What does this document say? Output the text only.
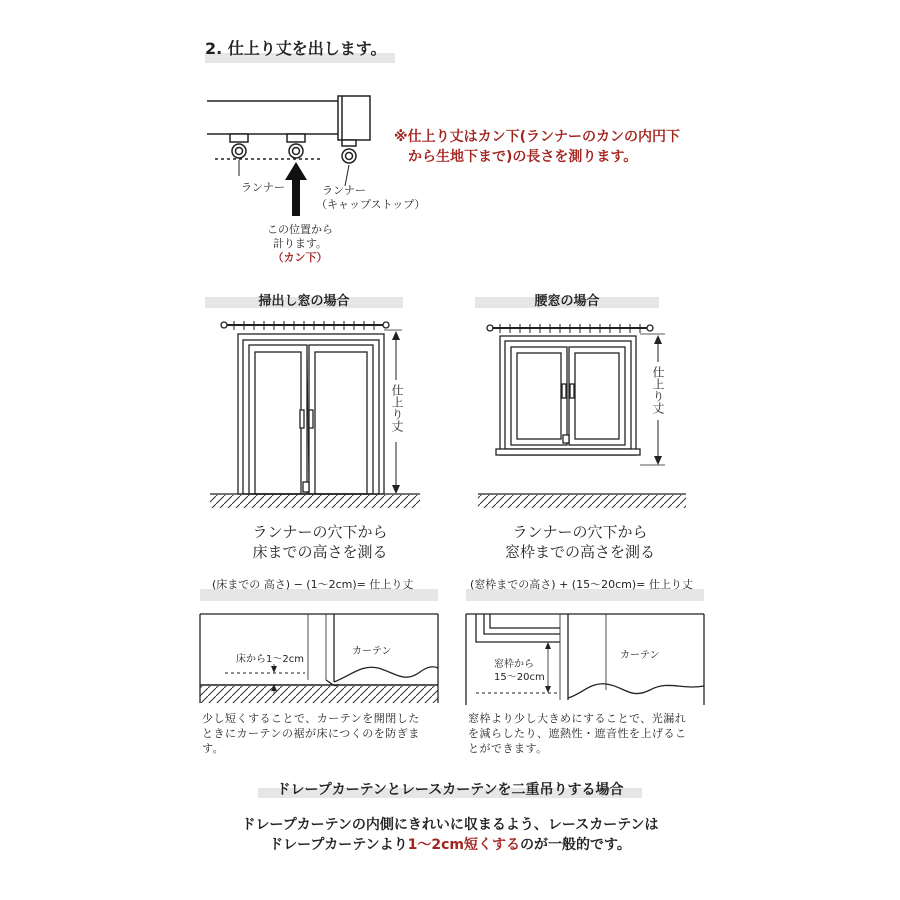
2. 仕上り丈を出します。
※仕上り丈はカン下(ランナーのカンの内円下
から生地下まで)の長さを測ります。
ランナー	ランナー
（キャップストップ）
この位置から
計ります。
（カン下）
掃出し窓の場合
仕上り丈
ランナーの穴下から
床までの高さを測る
(床までの 高さ) − (1〜2cm)= 仕上り丈
床から1〜2cm
カーテン
少し短くすることで、カーテンを開閉した
ときにカーテンの裾が床につくのを防ぎま
す。
腰窓の場合
仕上り丈
ランナーの穴下から
窓枠までの高さを測る
(窓枠までの高さ) + (15〜20cm)= 仕上り丈
窓枠から
15〜20cm
カーテン
窓枠より少し大きめにすることで、光漏れ
を減らしたり、遮熱性・遮音性を上げるこ
とができます。
ドレープカーテンとレースカーテンを二重吊りする場合
ドレープカーテンの内側にきれいに収まるよう、レースカーテンは
ドレープカーテンより1〜2cm短くするのが一般的です。
